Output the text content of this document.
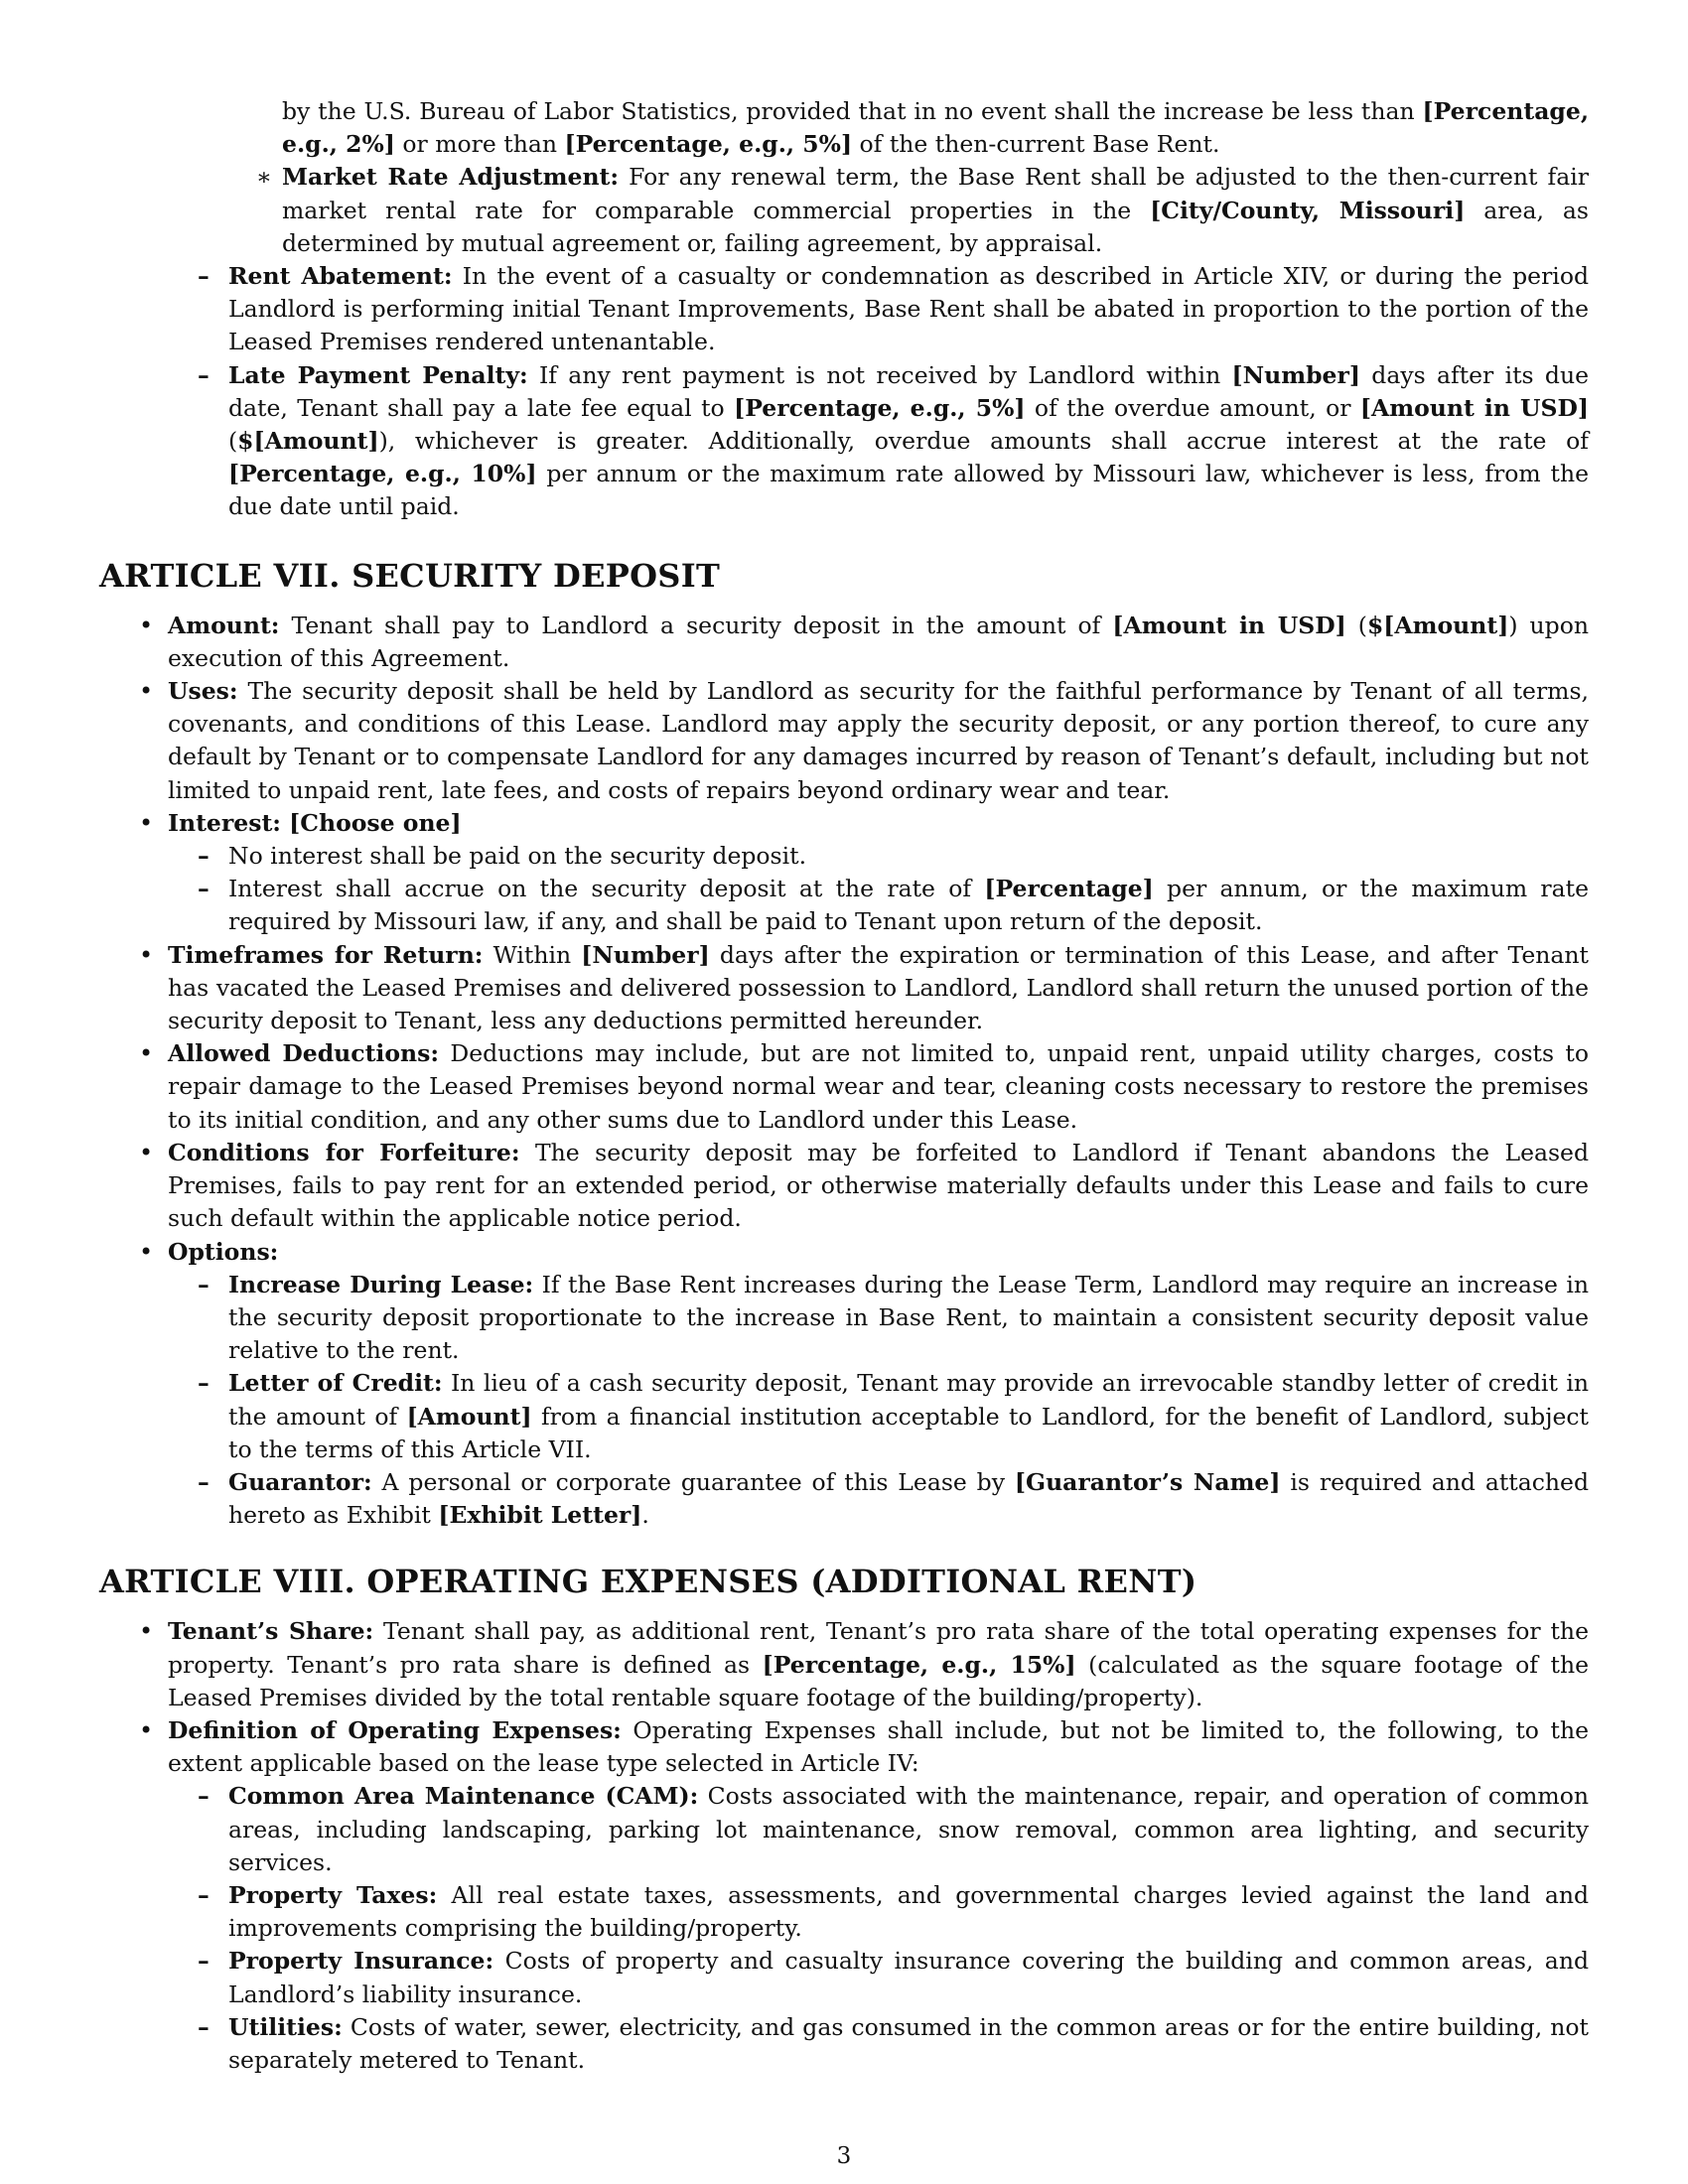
by the U.S. Bureau of Labor Statistics, provided that in no event shall the increase be less than [Percentage, e.g., 2%] or more than [Percentage, e.g., 5%] of the then-current Base Rent.
∗ Market Rate Adjustment: For any renewal term, the Base Rent shall be adjusted to the then-current fair market rental rate for comparable commercial properties in the [City/County, Missouri] area, as determined by mutual agreement or, failing agreement, by appraisal.
– Rent Abatement: In the event of a casualty or condemnation as described in Article XIV, or during the period Landlord is performing initial Tenant Improvements, Base Rent shall be abated in proportion to the portion of the Leased Premises rendered untenantable.
– Late Payment Penalty: If any rent payment is not received by Landlord within [Number] days after its due date, Tenant shall pay a late fee equal to [Percentage, e.g., 5%] of the overdue amount, or [Amount in USD] ($[Amount]), whichever is greater. Additionally, overdue amounts shall accrue interest at the rate of [Percentage, e.g., 10%] per annum or the maximum rate allowed by Missouri law, whichever is less, from the due date until paid.
ARTICLE VII. SECURITY DEPOSIT
• Amount: Tenant shall pay to Landlord a security deposit in the amount of [Amount in USD] ($[Amount]) upon execution of this Agreement.
• Uses: The security deposit shall be held by Landlord as security for the faithful performance by Tenant of all terms, covenants, and conditions of this Lease. Landlord may apply the security deposit, or any portion thereof, to cure any default by Tenant or to compensate Landlord for any damages incurred by reason of Tenant’s default, including but not limited to unpaid rent, late fees, and costs of repairs beyond ordinary wear and tear.
• Interest: [Choose one]
– No interest shall be paid on the security deposit.
– Interest shall accrue on the security deposit at the rate of [Percentage] per annum, or the maximum rate required by Missouri law, if any, and shall be paid to Tenant upon return of the deposit.
• Timeframes for Return: Within [Number] days after the expiration or termination of this Lease, and after Tenant has vacated the Leased Premises and delivered possession to Landlord, Landlord shall return the unused portion of the security deposit to Tenant, less any deductions permitted hereunder.
• Allowed Deductions: Deductions may include, but are not limited to, unpaid rent, unpaid utility charges, costs to repair damage to the Leased Premises beyond normal wear and tear, cleaning costs necessary to restore the premises to its initial condition, and any other sums due to Landlord under this Lease.
• Conditions for Forfeiture: The security deposit may be forfeited to Landlord if Tenant abandons the Leased Premises, fails to pay rent for an extended period, or otherwise materially defaults under this Lease and fails to cure such default within the applicable notice period.
• Options:
– Increase During Lease: If the Base Rent increases during the Lease Term, Landlord may require an increase in the security deposit proportionate to the increase in Base Rent, to maintain a consistent security deposit value relative to the rent.
– Letter of Credit: In lieu of a cash security deposit, Tenant may provide an irrevocable standby letter of credit in the amount of [Amount] from a financial institution acceptable to Landlord, for the benefit of Landlord, subject to the terms of this Article VII.
– Guarantor: A personal or corporate guarantee of this Lease by [Guarantor’s Name] is required and attached hereto as Exhibit [Exhibit Letter].
ARTICLE VIII. OPERATING EXPENSES (ADDITIONAL RENT)
• Tenant’s Share: Tenant shall pay, as additional rent, Tenant’s pro rata share of the total operating expenses for the property. Tenant’s pro rata share is defined as [Percentage, e.g., 15%] (calculated as the square footage of the Leased Premises divided by the total rentable square footage of the building/property).
• Definition of Operating Expenses: Operating Expenses shall include, but not be limited to, the following, to the extent applicable based on the lease type selected in Article IV:
– Common Area Maintenance (CAM): Costs associated with the maintenance, repair, and operation of common areas, including landscaping, parking lot maintenance, snow removal, common area lighting, and security services.
– Property Taxes: All real estate taxes, assessments, and governmental charges levied against the land and improvements comprising the building/property.
– Property Insurance: Costs of property and casualty insurance covering the building and common areas, and Landlord’s liability insurance.
– Utilities: Costs of water, sewer, electricity, and gas consumed in the common areas or for the entire building, not separately metered to Tenant.
3
